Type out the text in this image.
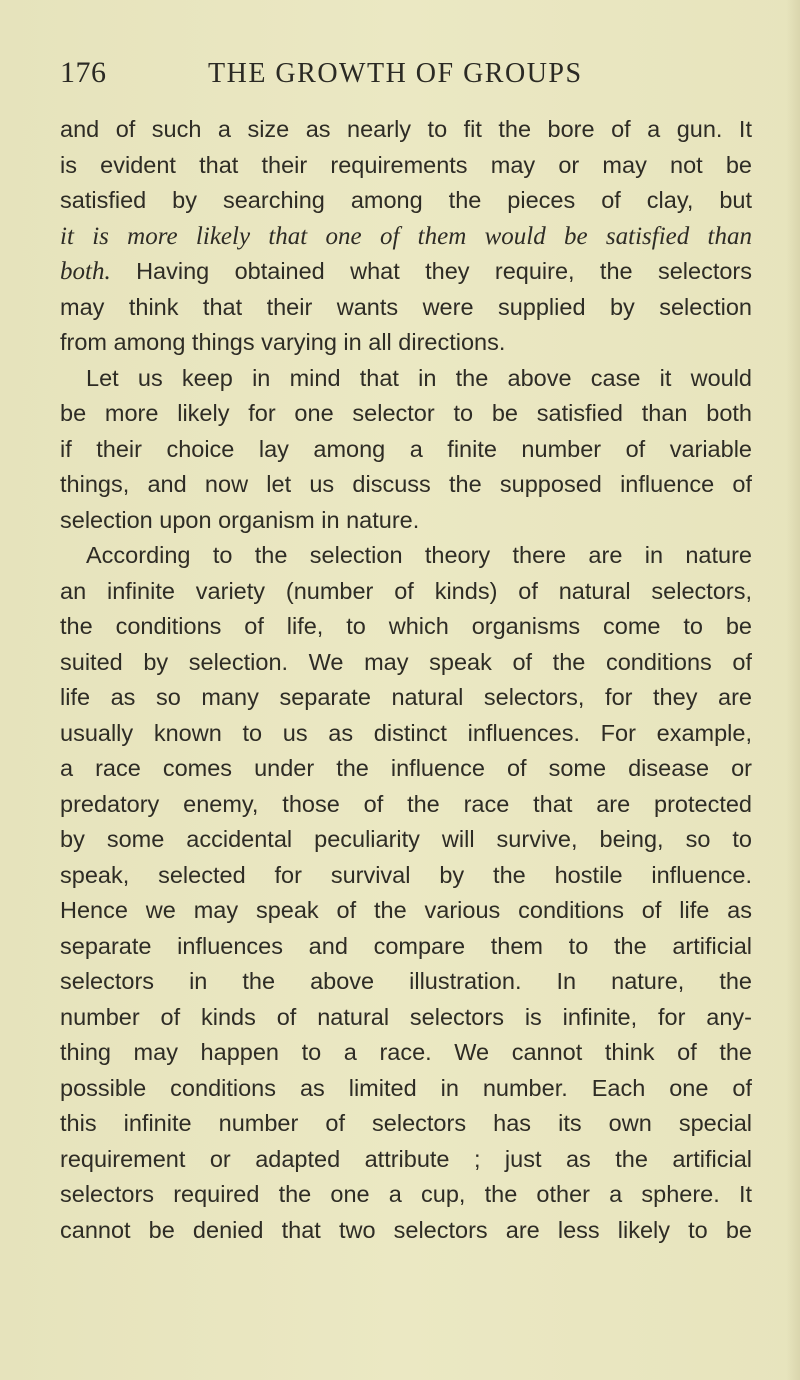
176	THE GROWTH OF GROUPS
and of such a size as nearly to fit the bore of a gun. It
is evident that their requirements may or may not be
satisfied by searching among the pieces of clay, but
it is more likely that one of them would be satisfied than
both. Having obtained what they require, the selectors
may think that their wants were supplied by selection
from among things varying in all directions.
Let us keep in mind that in the above case it would
be more likely for one selector to be satisfied than both
if their choice lay among a finite number of variable
things, and now let us discuss the supposed influence of
selection upon organism in nature.
According to the selection theory there are in nature
an infinite variety (number of kinds) of natural selectors,
the conditions of life, to which organisms come to be
suited by selection. We may speak of the conditions of
life as so many separate natural selectors, for they are
usually known to us as distinct influences. For example,
a race comes under the influence of some disease or
predatory enemy, those of the race that are protected
by some accidental peculiarity will survive, being, so to
speak, selected for survival by the hostile influence.
Hence we may speak of the various conditions of life as
separate influences and compare them to the artificial
selectors in the above illustration. In nature, the
number of kinds of natural selectors is infinite, for any-
thing may happen to a race. We cannot think of the
possible conditions as limited in number. Each one of
this infinite number of selectors has its own special
requirement or adapted attribute ; just as the artificial
selectors required the one a cup, the other a sphere. It
cannot be denied that two selectors are less likely to be
